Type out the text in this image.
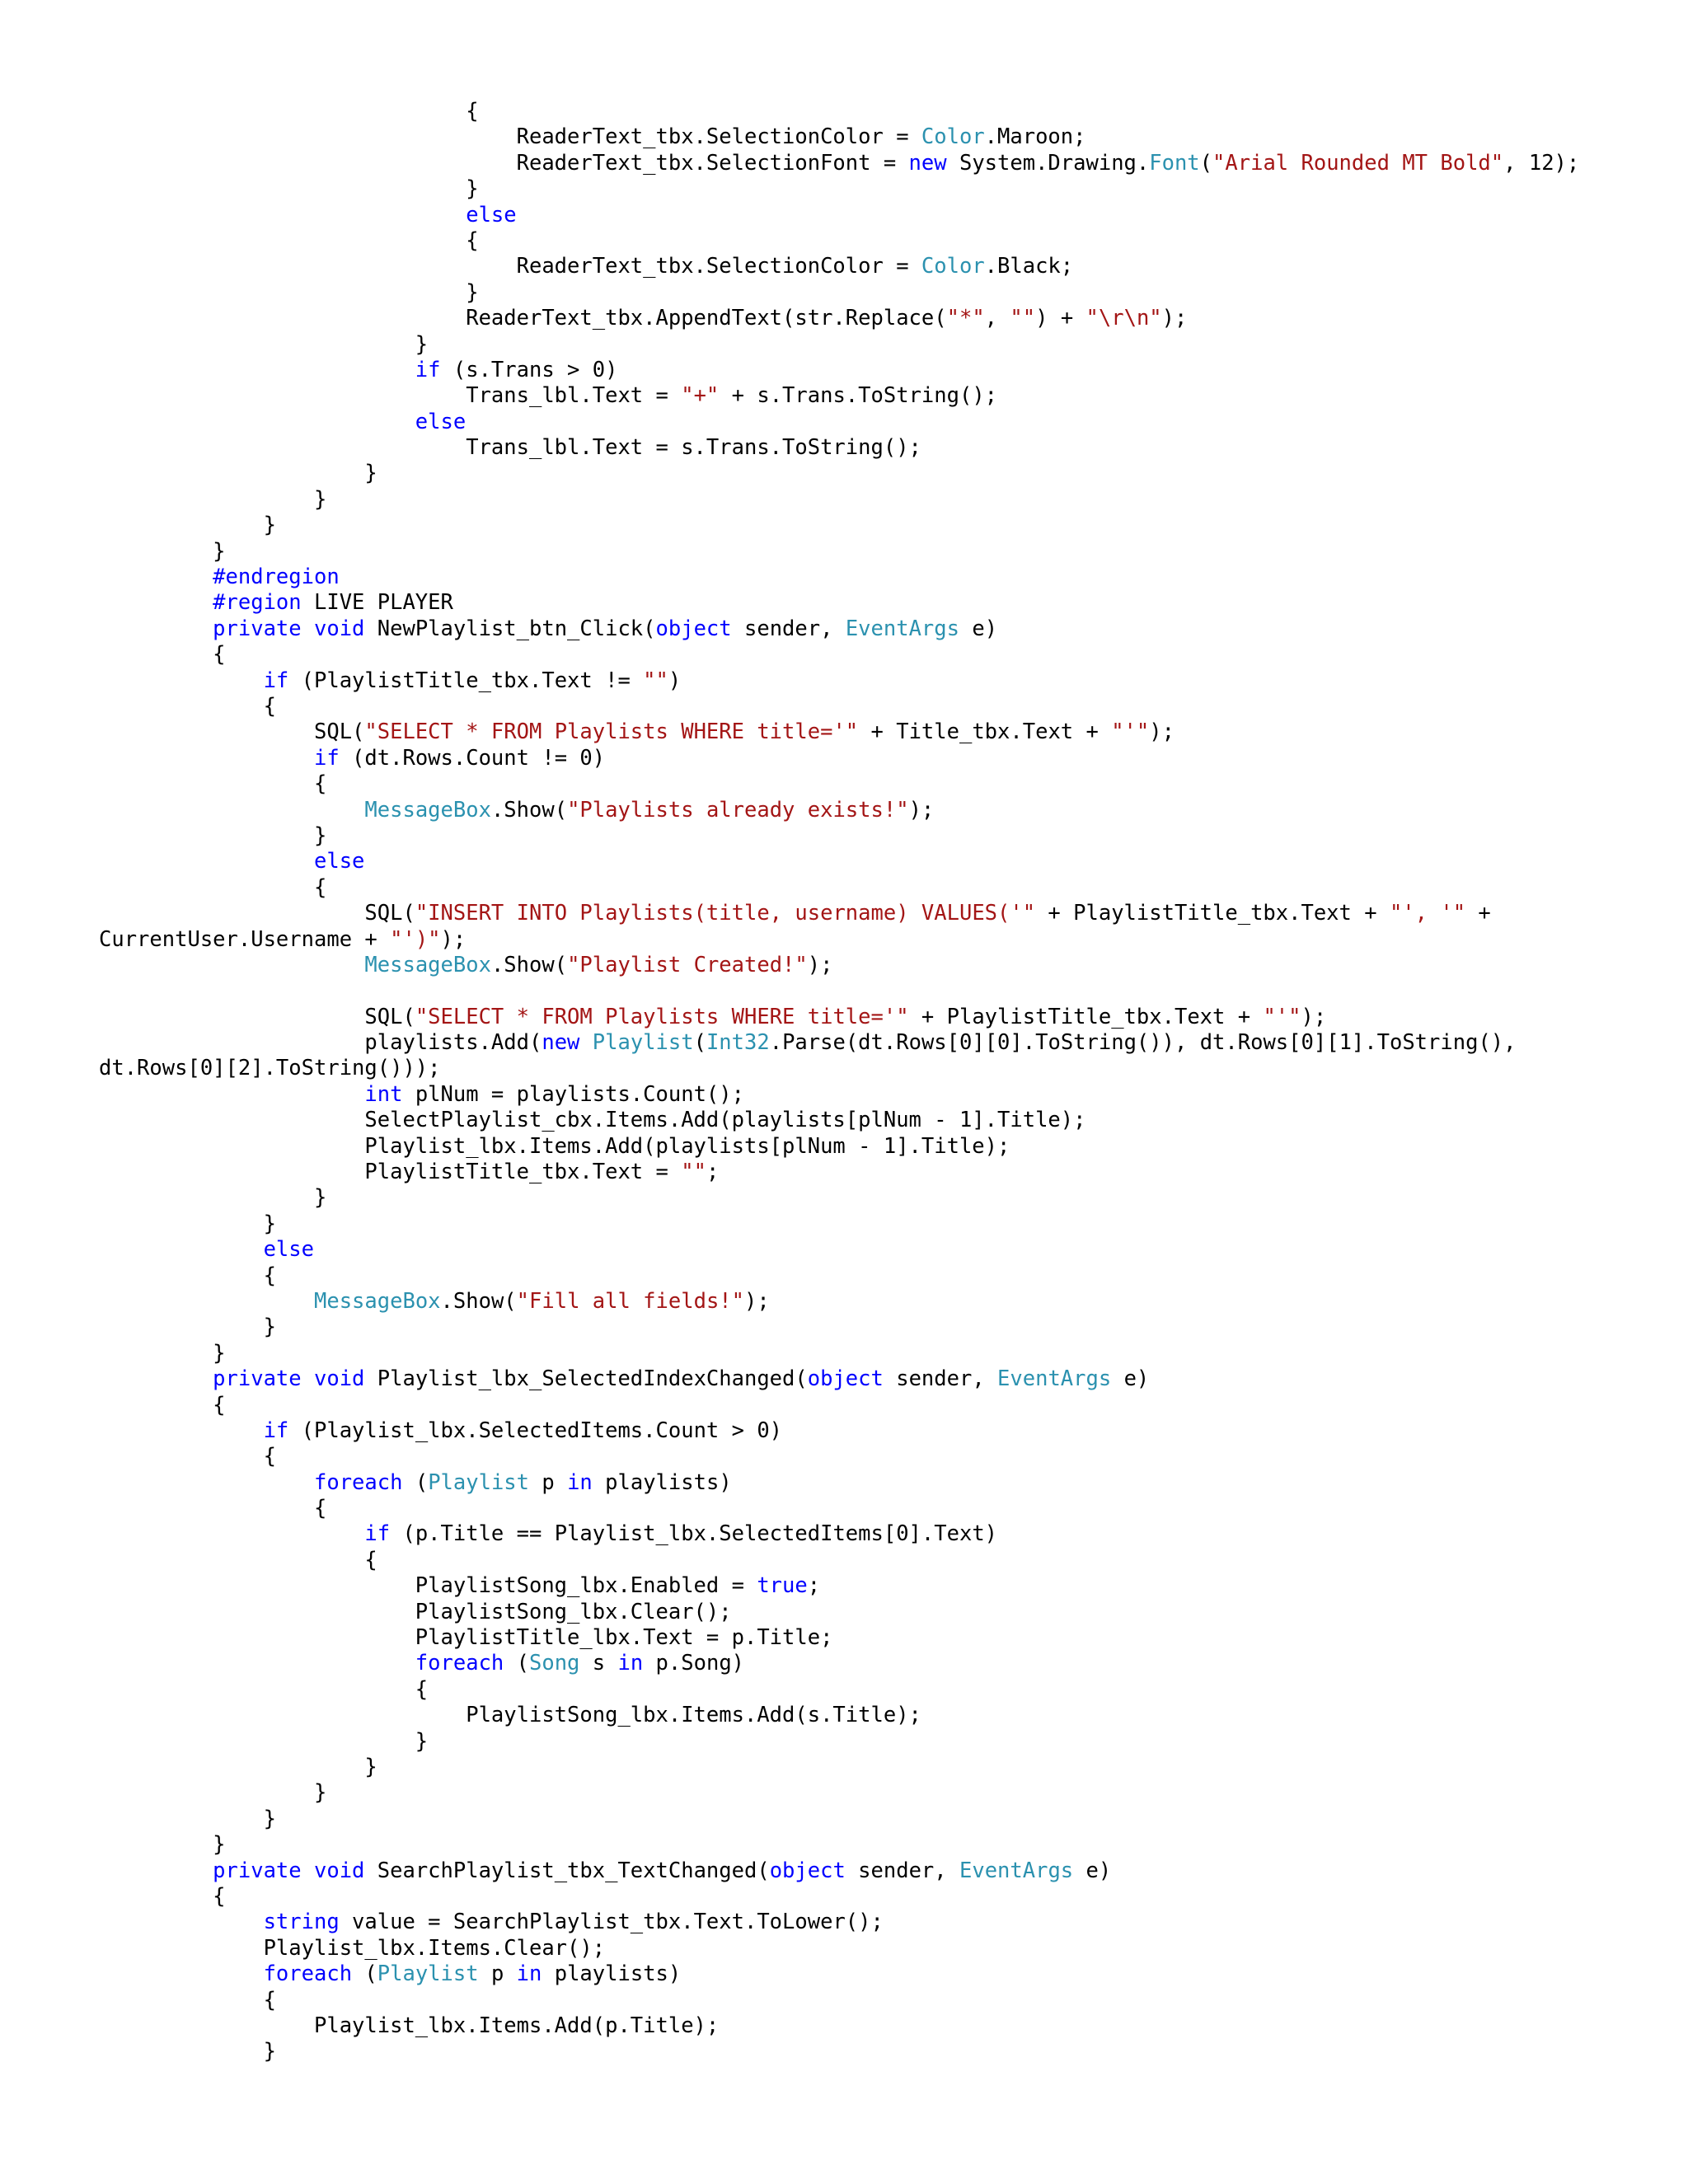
{
ReaderText_tbx.SelectionColor = Color.Maroon;
ReaderText_tbx.SelectionFont = new System.Drawing.Font("Arial Rounded MT Bold", 12);
}
else
{
ReaderText_tbx.SelectionColor = Color.Black;
}
ReaderText_tbx.AppendText(str.Replace("*", "") + "\r\n");
}
if (s.Trans > 0)
Trans_lbl.Text = "+" + s.Trans.ToString();
else
Trans_lbl.Text = s.Trans.ToString();
}
}
}
}
#endregion
#region LIVE PLAYER
private void NewPlaylist_btn_Click(object sender, EventArgs e)
{
if (PlaylistTitle_tbx.Text != "")
{
SQL("SELECT * FROM Playlists WHERE title='" + Title_tbx.Text + "'");
if (dt.Rows.Count != 0)
{
MessageBox.Show("Playlists already exists!");
}
else
{
SQL("INSERT INTO Playlists(title, username) VALUES('" + PlaylistTitle_tbx.Text + "', '" +
CurrentUser.Username + "')");
MessageBox.Show("Playlist Created!");
SQL("SELECT * FROM Playlists WHERE title='" + PlaylistTitle_tbx.Text + "'");
playlists.Add(new Playlist(Int32.Parse(dt.Rows[0][0].ToString()), dt.Rows[0][1].ToString(),
dt.Rows[0][2].ToString()));
int plNum = playlists.Count();
SelectPlaylist_cbx.Items.Add(playlists[plNum - 1].Title);
Playlist_lbx.Items.Add(playlists[plNum - 1].Title);
PlaylistTitle_tbx.Text = "";
}
}
else
{
MessageBox.Show("Fill all fields!");
}
}
private void Playlist_lbx_SelectedIndexChanged(object sender, EventArgs e)
{
if (Playlist_lbx.SelectedItems.Count > 0)
{
foreach (Playlist p in playlists)
{
if (p.Title == Playlist_lbx.SelectedItems[0].Text)
{
PlaylistSong_lbx.Enabled = true;
PlaylistSong_lbx.Clear();
PlaylistTitle_lbx.Text = p.Title;
foreach (Song s in p.Song)
{
PlaylistSong_lbx.Items.Add(s.Title);
}
}
}
}
}
private void SearchPlaylist_tbx_TextChanged(object sender, EventArgs e)
{
string value = SearchPlaylist_tbx.Text.ToLower();
Playlist_lbx.Items.Clear();
foreach (Playlist p in playlists)
{
Playlist_lbx.Items.Add(p.Title);
}
